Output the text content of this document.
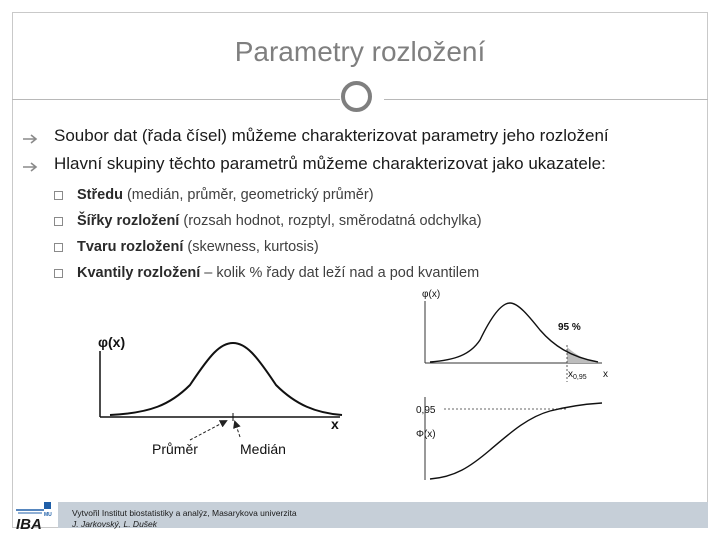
Parametry rozložení
Soubor dat (řada čísel) můžeme charakterizovat parametry jeho rozložení
Hlavní skupiny těchto parametrů můžeme charakterizovat jako ukazatele:
Středu (medián, průměr, geometrický průměr)
Šířky rozložení (rozsah hodnot, rozptyl, směrodatná odchylka)
Tvaru rozložení (skewness, kurtosis)
Kvantily rozložení – kolik % řady dat leží nad a pod kvantilem
φ(x)
x
Průměr	Medián
φ(x)
95 %
$x_{0,95}$ x
0,95
Φ(x)
Vytvořil Institut biostatistiky a analýz, Masarykova univerzita
J. Jarkovský, L. Dušek
MU
IBA
